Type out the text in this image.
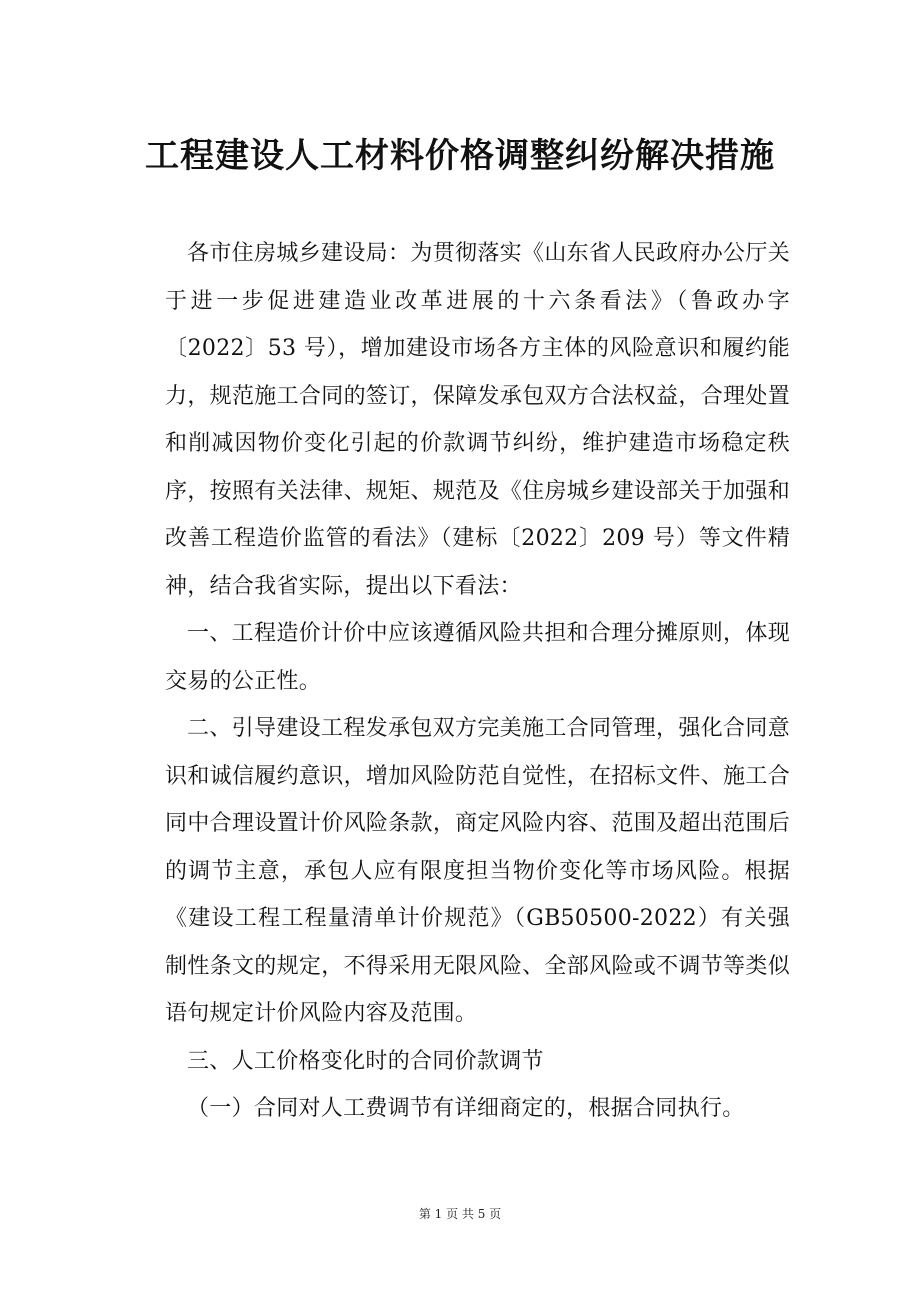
工程建设人工材料价格调整纠纷解决措施

各市住房城乡建设局：为贯彻落实《山东省人民政府办公厅关于进一步促进建造业改革进展的十六条看法》（鲁政办字〔2022〕53 号），增加建设市场各方主体的风险意识和履约能力，规范施工合同的签订，保障发承包双方合法权益，合理处置和削减因物价变化引起的价款调节纠纷，维护建造市场稳定秩序，按照有关法律、规矩、规范及《住房城乡建设部关于加强和改善工程造价监管的看法》（建标〔2022〕209 号）等文件精神，结合我省实际，提出以下看法：

一、工程造价计价中应该遵循风险共担和合理分摊原则，体现交易的公正性。

二、引导建设工程发承包双方完美施工合同管理，强化合同意识和诚信履约意识，增加风险防范自觉性，在招标文件、施工合同中合理设置计价风险条款，商定风险内容、范围及超出范围后的调节主意，承包人应有限度担当物价变化等市场风险。根据《建设工程工程量清单计价规范》（GB50500-2022）有关强制性条文的规定，不得采用无限风险、全部风险或不调节等类似语句规定计价风险内容及范围。

三、人工价格变化时的合同价款调节

（一）合同对人工费调节有详细商定的，根据合同执行。

第 1 页 共 5 页
